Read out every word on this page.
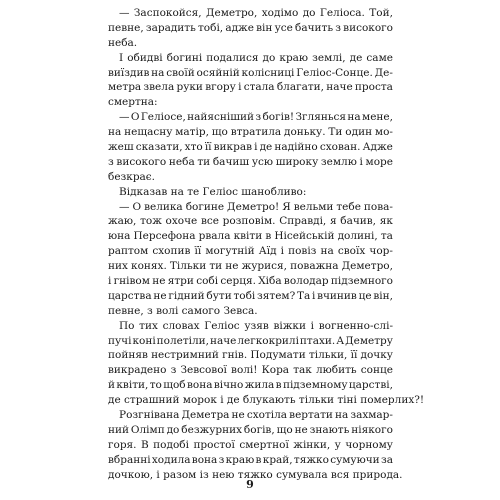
— Заспокойся, Деметро, ходімо до Геліоса. Той,
певне, зарадить тобі, адже він усе бачить з високого
неба.
І обидві богині подалися до краю землі, де саме
виїздив на своїй осяйній колісниці Геліос-Сонце. Де-
метра звела руки вгору і стала благати, наче проста
смертна:
— О Геліосе, найясніший з богів! Зглянься на мене,
на нещасну матір, що втратила доньку. Ти один мо-
жеш сказати, хто її викрав і де надійно схован. Адже
з високого неба ти бачиш усю широку землю і море
безкрає.
Відказав на те Геліос шанобливо:
— О велика богине Деметро! Я вельми тебе пова-
жаю, тож охоче все розповім. Справді, я бачив, як
юна Персефона рвала квіти в Нісейській долині, та
раптом схопив її могутній Аїд і повіз на своїх чор-
них конях. Тільки ти не журися, поважна Деметро,
і гнівом не ятри собі серця. Хіба володар підземного
царства не гідний бути тобі зятем? Та і вчинив це він,
певне, з волі самого Зевса.
По тих словах Геліос узяв віжки і вогненно-слі-
пучі коні полетіли, наче легкокрилі птахи. А Деметру
пойняв нестримний гнів. Подумати тільки, її дочку
викрадено з Зевсової волі! Кора так любить сонце
й квіти, то щоб вона вічно жила в підземному царстві,
де страшний морок і де блукають тільки тіні померлих?!
Розгнівана Деметра не схотіла вертати на захмар-
ний Олімп до безжурних богів, що не знають ніякого
горя. В подобі простої смертної жінки, у чорному
вбранні ходила вона з краю в край, тяжко сумуючи за
дочкою, і разом із нею тяжко сумувала вся природа.
9
